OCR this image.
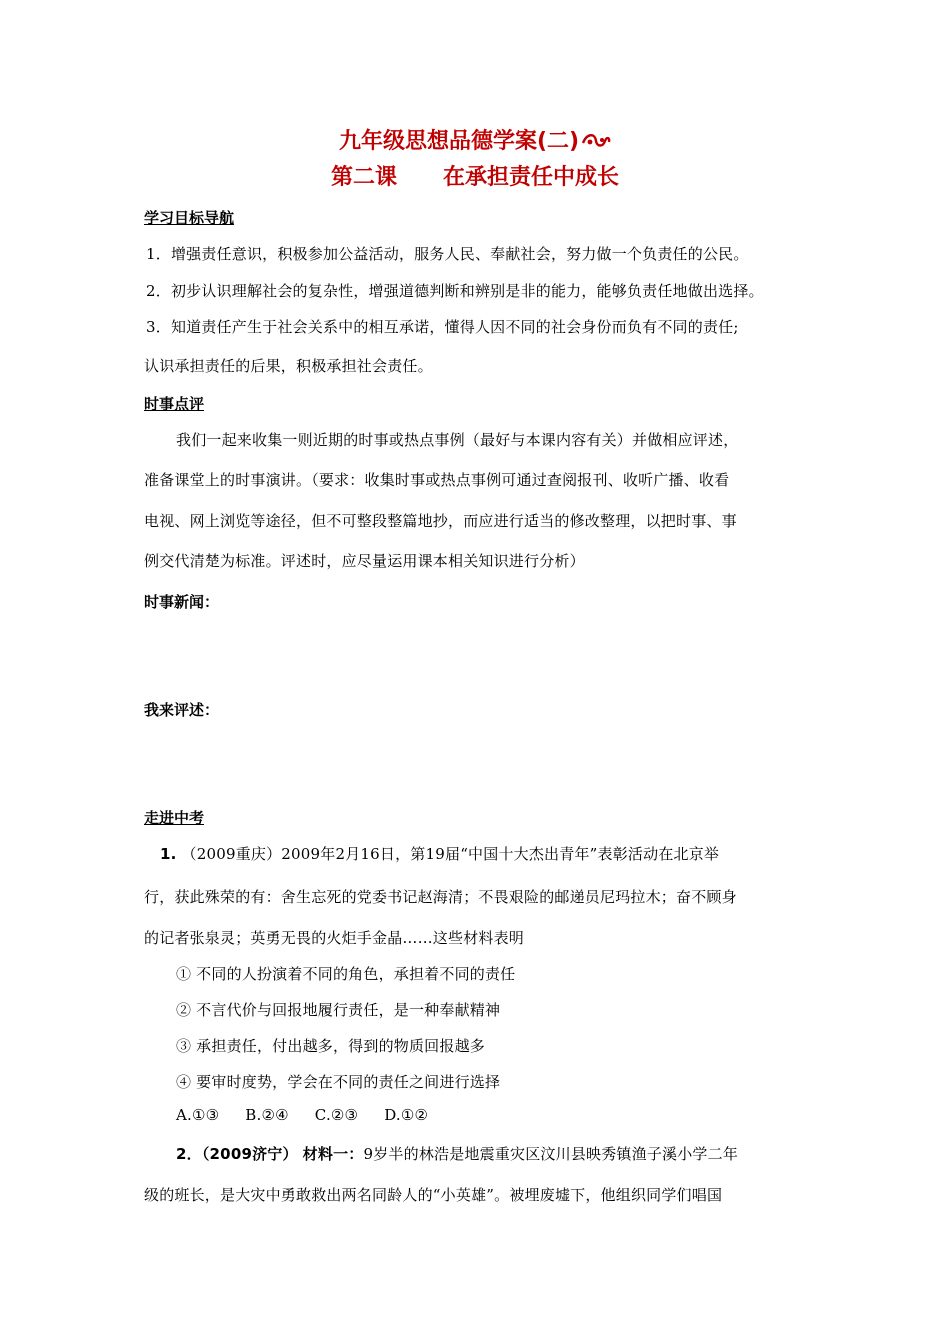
九年级思想品德学案(二)
第二课 在承担责任中成长
学习目标导航
1．增强责任意识，积极参加公益活动，服务人民、奉献社会，努力做一个负责任的公民。
2．初步认识理解社会的复杂性，增强道德判断和辨别是非的能力，能够负责任地做出选择。
3．知道责任产生于社会关系中的相互承诺，懂得人因不同的社会身份而负有不同的责任;
认识承担责任的后果，积极承担社会责任。
时事点评
我们一起来收集一则近期的时事或热点事例（最好与本课内容有关）并做相应评述，
准备课堂上的时事演讲。（要求：收集时事或热点事例可通过查阅报刊、收听广播、收看
电视、网上浏览等途径，但不可整段整篇地抄，而应进行适当的修改整理，以把时事、事
例交代清楚为标准。评述时，应尽量运用课本相关知识进行分析）
时事新闻：
我来评述：
走进中考
1. （2009重庆）2009年2月16日，第19届“中国十大杰出青年”表彰活动在北京举
行，获此殊荣的有：舍生忘死的党委书记赵海清；不畏艰险的邮递员尼玛拉木；奋不顾身
的记者张泉灵；英勇无畏的火炬手金晶……这些材料表明
① 不同的人扮演着不同的角色，承担着不同的责任
② 不言代价与回报地履行责任，是一种奉献精神
③ 承担责任，付出越多，得到的物质回报越多
④ 要审时度势，学会在不同的责任之间进行选择
A.①③ B.②④ C.②③ D.①②
2．（2009济宁） 材料一：9岁半的林浩是地震重灾区汶川县映秀镇渔子溪小学二年
级的班长，是大灾中勇敢救出两名同龄人的“小英雄”。被埋废墟下，他组织同学们唱国
